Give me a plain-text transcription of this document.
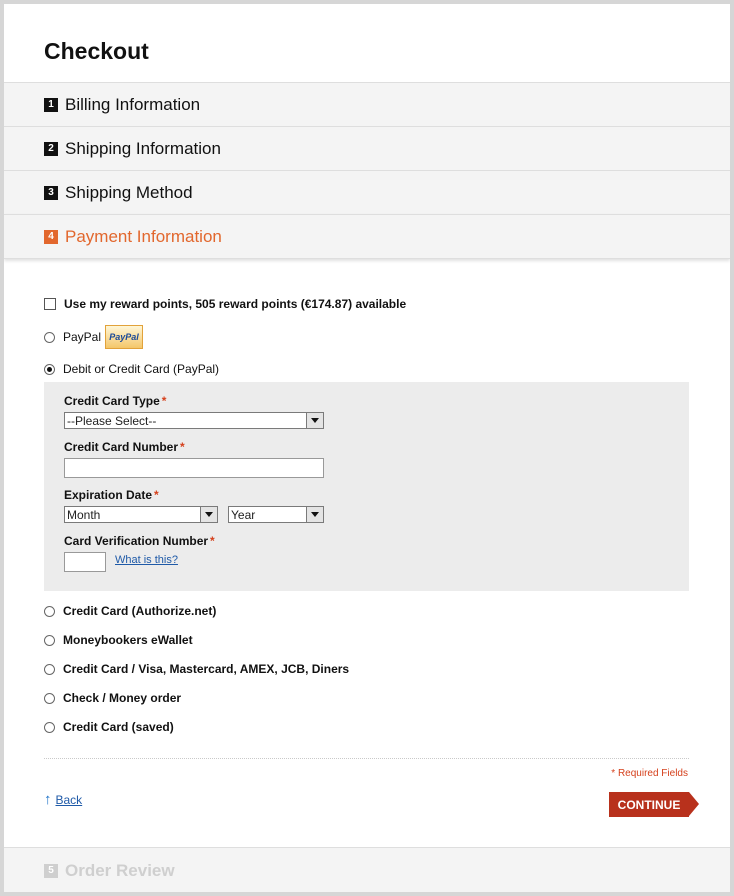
Checkout
1 Billing Information
2 Shipping Information
3 Shipping Method
4 Payment Information
Use my reward points, 505 reward points (€174.87) available
PayPal PayPal
Debit or Credit Card (PayPal)
Credit Card Type *
--Please Select--
Credit Card Number *
Expiration Date *
Month	Year
Card Verification Number *
What is this?
Credit Card (Authorize.net)
Moneybookers eWallet
Credit Card / Visa, Mastercard, AMEX, JCB, Diners
Check / Money order
Credit Card (saved)
* Required Fields
↑ Back	CONTINUE
5 Order Review
